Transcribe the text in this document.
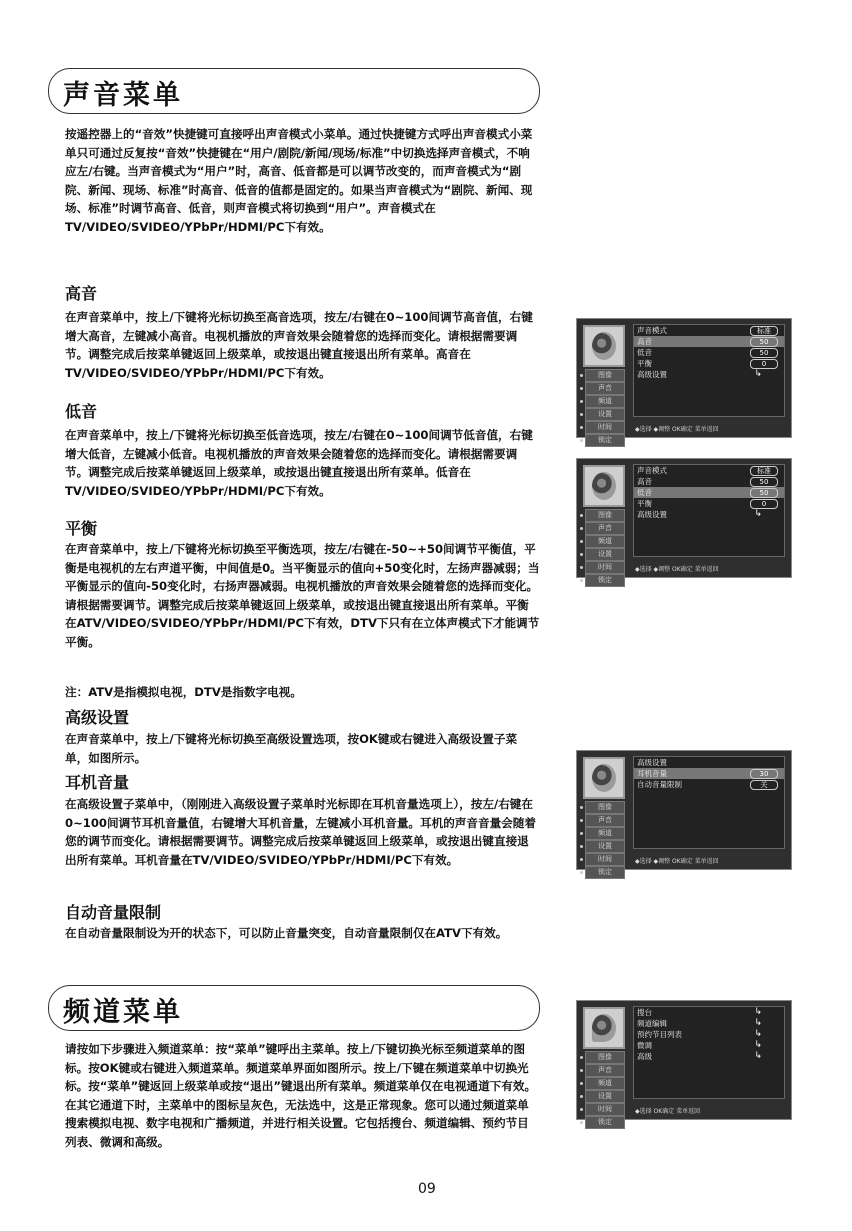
声音菜单
按遥控器上的“音效”快捷键可直接呼出声音模式小菜单。通过快捷键方式呼出声音模式小菜单只可通过反复按“音效”快捷键在“用户/剧院/新闻/现场/标准”中切换选择声音模式，不响应左/右键。当声音模式为“用户”时，高音、低音都是可以调节改变的，而声音模式为“剧院、新闻、现场、标准”时高音、低音的值都是固定的。如果当声音模式为“剧院、新闻、现场、标准”时调节高音、低音，则声音模式将切换到“用户”。声音模式在TV/VIDEO/SVIDEO/YPbPr/HDMI/PC下有效。
高音
在声音菜单中，按上/下键将光标切换至高音选项，按左/右键在0~100间调节高音值，右键增大高音，左键减小高音。电视机播放的声音效果会随着您的选择而变化。请根据需要调节。调整完成后按菜单键返回上级菜单，或按退出键直接退出所有菜单。高音在TV/VIDEO/SVIDEO/YPbPr/HDMI/PC下有效。
低音
在声音菜单中，按上/下键将光标切换至低音选项，按左/右键在0~100间调节低音值，右键增大低音，左键减小低音。电视机播放的声音效果会随着您的选择而变化。请根据需要调节。调整完成后按菜单键返回上级菜单，或按退出键直接退出所有菜单。低音在TV/VIDEO/SVIDEO/YPbPr/HDMI/PC下有效。
平衡
在声音菜单中，按上/下键将光标切换至平衡选项，按左/右键在-50~+50间调节平衡值，平衡是电视机的左右声道平衡，中间值是0。当平衡显示的值向+50变化时，左扬声器减弱；当平衡显示的值向-50变化时，右扬声器减弱。电视机播放的声音效果会随着您的选择而变化。请根据需要调节。调整完成后按菜单键返回上级菜单，或按退出键直接退出所有菜单。平衡在ATV/VIDEO/SVIDEO/YPbPr/HDMI/PC下有效，DTV下只有在立体声模式下才能调节平衡。
注：ATV是指模拟电视，DTV是指数字电视。
高级设置
在声音菜单中，按上/下键将光标切换至高级设置选项，按OK键或右键进入高级设置子菜单，如图所示。
耳机音量
在高级设置子菜单中，（刚刚进入高级设置子菜单时光标即在耳机音量选项上），按左/右键在0~100间调节耳机音量值，右键增大耳机音量，左键减小耳机音量。耳机的声音音量会随着您的调节而变化。请根据需要调节。调整完成后按菜单键返回上级菜单，或按退出键直接退出所有菜单。耳机音量在TV/VIDEO/SVIDEO/YPbPr/HDMI/PC下有效。
自动音量限制
在自动音量限制设为开的状态下，可以防止音量突变，自动音量限制仅在ATV下有效。
频道菜单
请按如下步骤进入频道菜单：按“菜单”键呼出主菜单。按上/下键切换光标至频道菜单的图标。按OK键或右键进入频道菜单。频道菜单界面如图所示。按上/下键在频道菜单中切换光标。按“菜单”键返回上级菜单或按“退出”键退出所有菜单。频道菜单仅在电视通道下有效。在其它通道下时，主菜单中的图标呈灰色，无法选中，这是正常现象。您可以通过频道菜单搜索模拟电视、数字电视和广播频道，并进行相关设置。它包括搜台、频道编辑、预约节目列表、微调和高级。
09
图像
声音
频道
设置
时间
锁定
声音模式	标准
高音	50
低音	50
平衡	0
高级设置	↳
◆选择 ◆调整 OK确定 菜单返回
图像
声音
频道
设置
时间
锁定
声音模式	标准
高音	50
低音	50
平衡	0
高级设置	↳
◆选择 ◆调整 OK确定 菜单返回
图像
声音
频道
设置
时间
锁定
高级设置
耳机音量	30
自动音量限制	关
◆选择 ◆调整 OK确定 菜单返回
图像
声音
频道
设置
时间
锁定
搜台	↳
频道编辑	↳
预约节目列表	↳
微调	↳
高级	↳
◆选择 OK确定 菜单返回
